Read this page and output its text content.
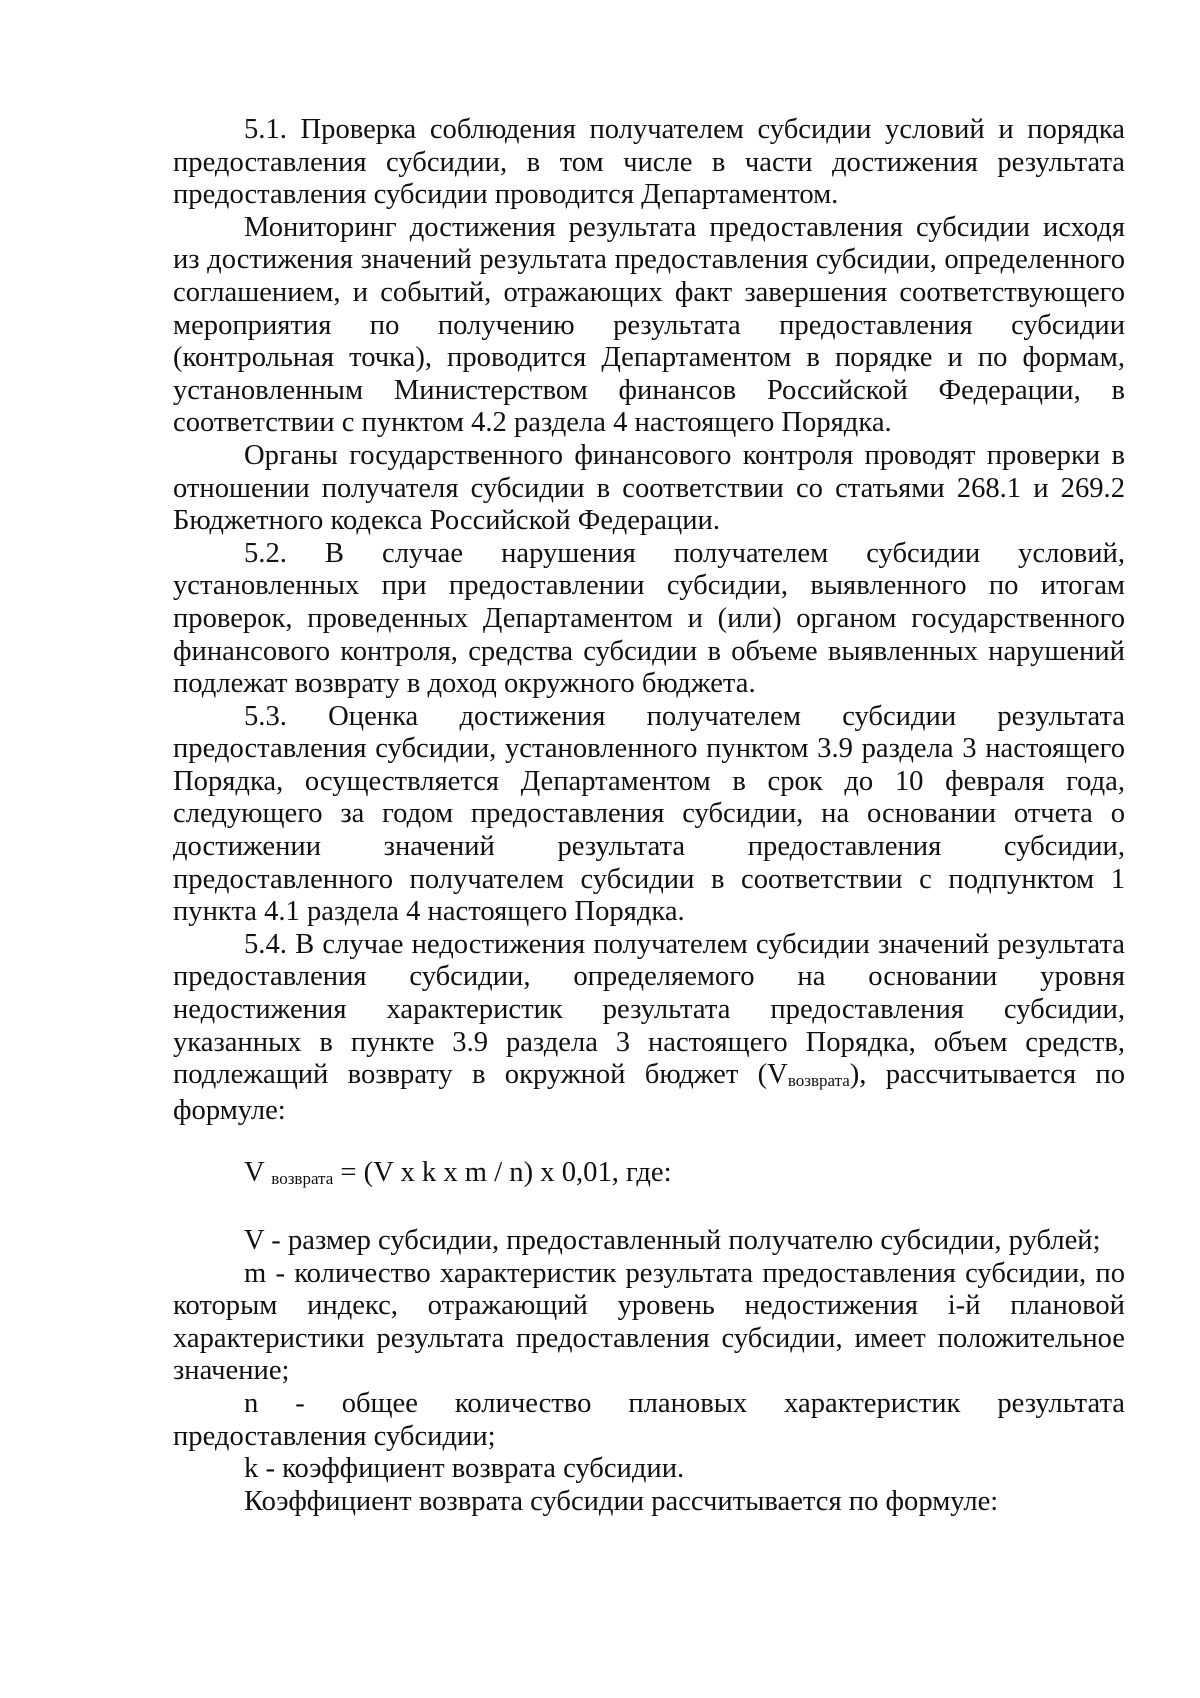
5.1. Проверка соблюдения получателем субсидии условий и порядка предоставления субсидии, в том числе в части достижения результата предоставления субсидии проводится Департаментом.

Мониторинг достижения результата предоставления субсидии исходя из достижения значений результата предоставления субсидии, определенного соглашением, и событий, отражающих факт завершения соответствующего мероприятия по получению результата предоставления субсидии (контрольная точка), проводится Департаментом в порядке и по формам, установленным Министерством финансов Российской Федерации, в соответствии с пунктом 4.2 раздела 4 настоящего Порядка.

Органы государственного финансового контроля проводят проверки в отношении получателя субсидии в соответствии со статьями 268.1 и 269.2 Бюджетного кодекса Российской Федерации.

5.2. В случае нарушения получателем субсидии условий, установленных при предоставлении субсидии, выявленного по итогам проверок, проведенных Департаментом и (или) органом государственного финансового контроля, средства субсидии в объеме выявленных нарушений подлежат возврату в доход окружного бюджета.

5.3. Оценка достижения получателем субсидии результата предоставления субсидии, установленного пунктом 3.9 раздела 3 настоящего Порядка, осуществляется Департаментом в срок до 10 февраля года, следующего за годом предоставления субсидии, на основании отчета о достижении значений результата предоставления субсидии, предоставленного получателем субсидии в соответствии с подпунктом 1 пункта 4.1 раздела 4 настоящего Порядка.

5.4. В случае недостижения получателем субсидии значений результата предоставления субсидии, определяемого на основании уровня недостижения характеристик результата предоставления субсидии, указанных в пункте 3.9 раздела 3 настоящего Порядка, объем средств, подлежащий возврату в окружной бюджет (Vвозврата), рассчитывается по формуле:

V возврата = (V x k x m / n) x 0,01, где:

V - размер субсидии, предоставленный получателю субсидии, рублей;

m - количество характеристик результата предоставления субсидии, по которым индекс, отражающий уровень недостижения i-й плановой характеристики результата предоставления субсидии, имеет положительное значение;

n - общее количество плановых характеристик результата предоставления субсидии;

k - коэффициент возврата субсидии.

Коэффициент возврата субсидии рассчитывается по формуле:
